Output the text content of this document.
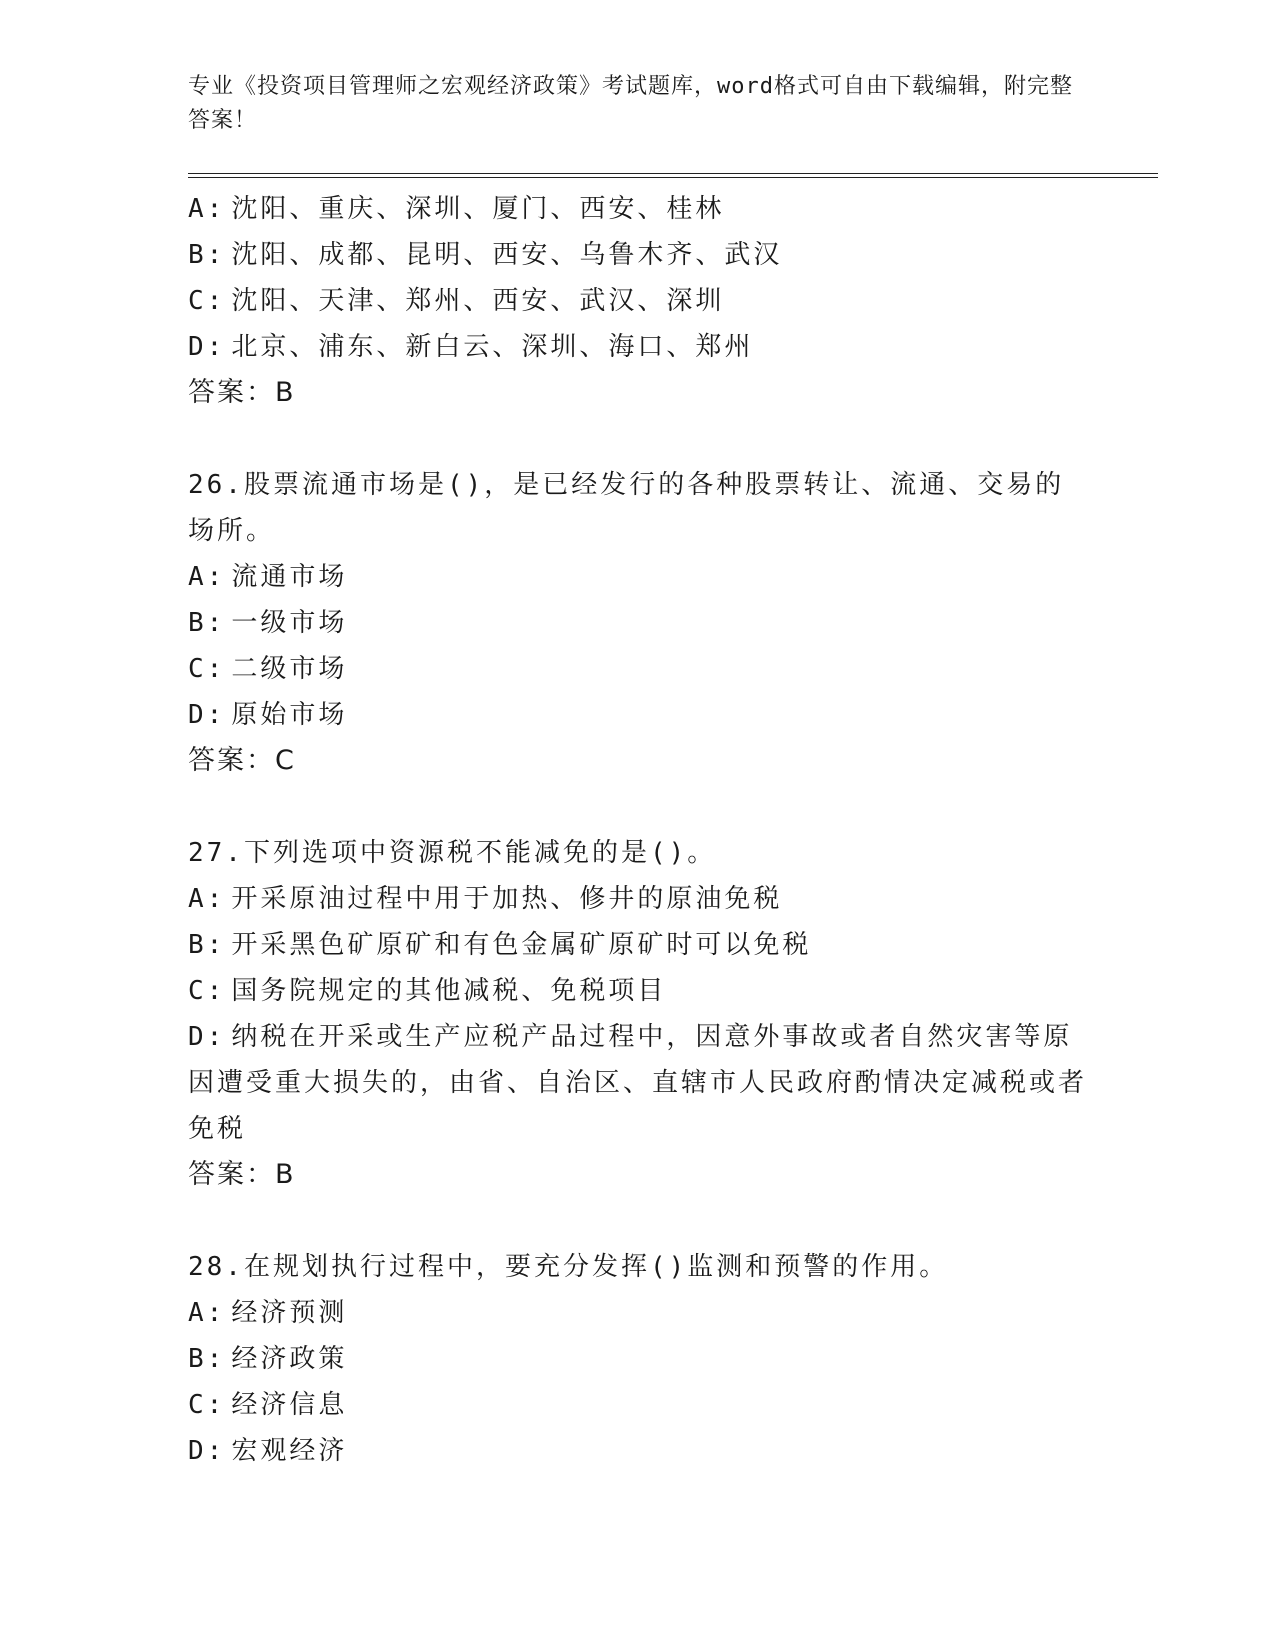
专业《投资项目管理师之宏观经济政策》考试题库，word格式可自由下载编辑，附完整答案！

A: 沈阳、重庆、深圳、厦门、西安、桂林
B: 沈阳、成都、昆明、西安、乌鲁木齐、武汉
C: 沈阳、天津、郑州、西安、武汉、深圳
D: 北京、浦东、新白云、深圳、海口、郑州
答案：B
26.股票流通市场是()，是已经发行的各种股票转让、流通、交易的场所。
A: 流通市场
B: 一级市场
C: 二级市场
D: 原始市场
答案：C
27.下列选项中资源税不能减免的是()。
A: 开采原油过程中用于加热、修井的原油免税
B: 开采黑色矿原矿和有色金属矿原矿时可以免税
C: 国务院规定的其他减税、免税项目
D: 纳税在开采或生产应税产品过程中，因意外事故或者自然灾害等原因遭受重大损失的，由省、自治区、直辖市人民政府酌情决定减税或者免税
答案：B
28.在规划执行过程中，要充分发挥()监测和预警的作用。
A: 经济预测
B: 经济政策
C: 经济信息
D: 宏观经济
